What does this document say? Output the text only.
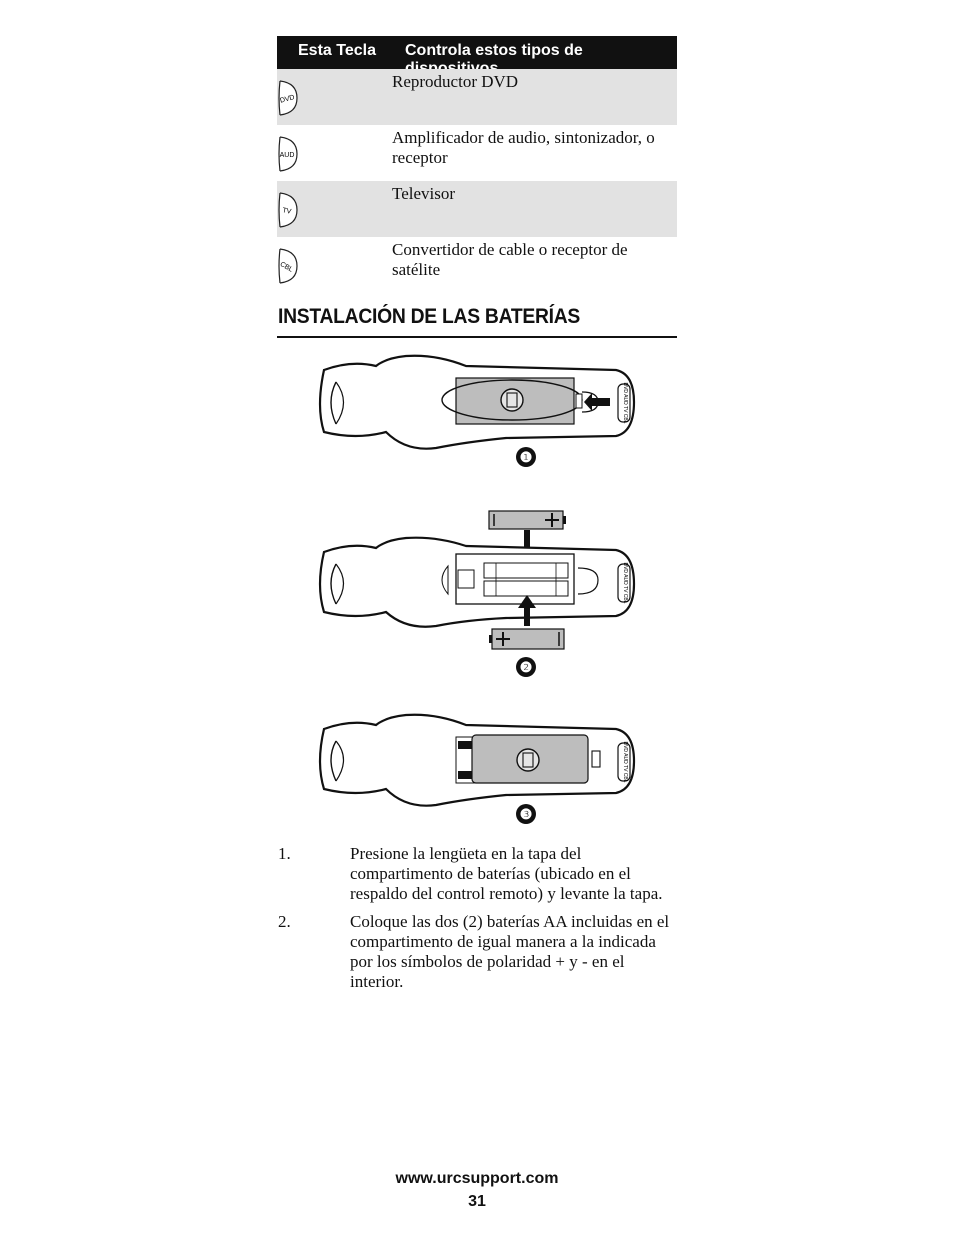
Esta Tecla Controla estos tipos de
DVD
Reproductor DVD
AUD
Amplificador de audio, sintonizador, o receptor
TV
Televisor
CBL
Convertidor de cable o receptor de satélite
INSTALACIÓN DE LAS BATERÍAS
DVD AUD TV CBL
❶
DVD AUD TV CBL
❷
DVD AUD TV CBL
❸
1.	Presione la lengüeta en la tapa del compartimento de baterías (ubicado en el respaldo del control remoto) y levante la tapa.
2.	Coloque las dos (2) baterías AA incluidas en el compartimento de igual manera a la indicada por los símbolos de polaridad + y - en el interior.
www.urcsupport.com
31
